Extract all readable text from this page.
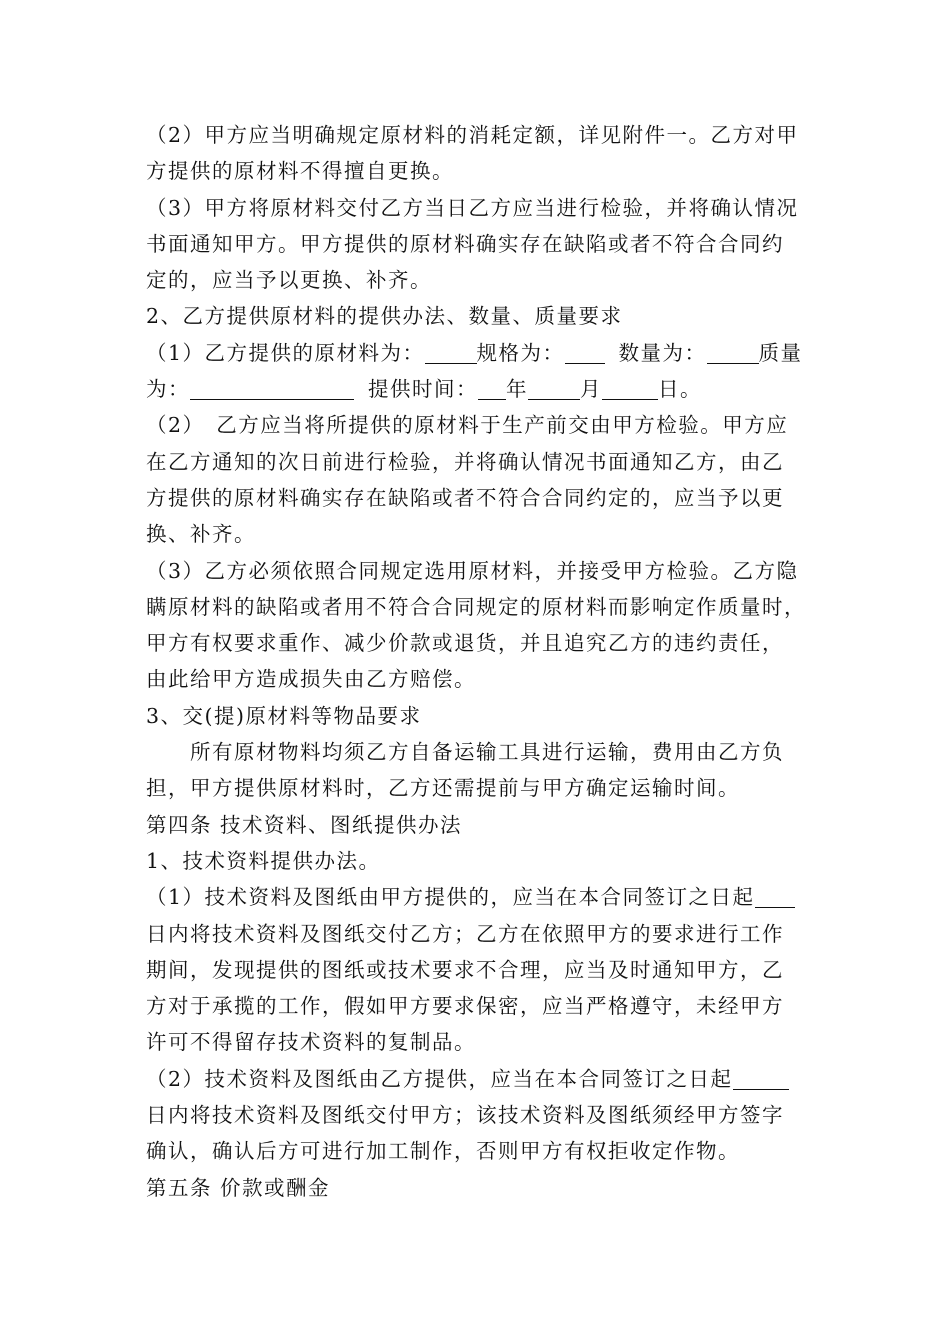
（2）甲方应当明确规定原材料的消耗定额，详见附件一。乙方对甲
方提供的原材料不得擅自更换。
（3）甲方将原材料交付乙方当日乙方应当进行检验，并将确认情况
书面通知甲方。甲方提供的原材料确实存在缺陷或者不符合合同约
定的，应当予以更换、补齐。
2、乙方提供原材料的提供办法、数量、质量要求
（1）乙方提供的原材料为：	规格为：	数量为：	质量
为：	提供时间： 年	月	日。
（2）　乙方应当将所提供的原材料于生产前交由甲方检验。甲方应
在乙方通知的次日前进行检验，并将确认情况书面通知乙方，由乙
方提供的原材料确实存在缺陷或者不符合合同约定的，应当予以更
换、补齐。
（3）乙方必须依照合同规定选用原材料，并接受甲方检验。乙方隐
瞒原材料的缺陷或者用不符合合同规定的原材料而影响定作质量时，
甲方有权要求重作、减少价款或退货，并且追究乙方的违约责任，
由此给甲方造成损失由乙方赔偿。
3、交(提)原材料等物品要求
所有原材物料均须乙方自备运输工具进行运输，费用由乙方负
担，甲方提供原材料时，乙方还需提前与甲方确定运输时间。
第四条 技术资料、图纸提供办法
1、技术资料提供办法。
（1）技术资料及图纸由甲方提供的，应当在本合同签订之日起
日内将技术资料及图纸交付乙方；乙方在依照甲方的要求进行工作
期间，发现提供的图纸或技术要求不合理，应当及时通知甲方，乙
方对于承揽的工作，假如甲方要求保密，应当严格遵守，未经甲方
许可不得留存技术资料的复制品。
（2）技术资料及图纸由乙方提供，应当在本合同签订之日起
日内将技术资料及图纸交付甲方；该技术资料及图纸须经甲方签字
确认，确认后方可进行加工制作，否则甲方有权拒收定作物。
第五条 价款或酬金
